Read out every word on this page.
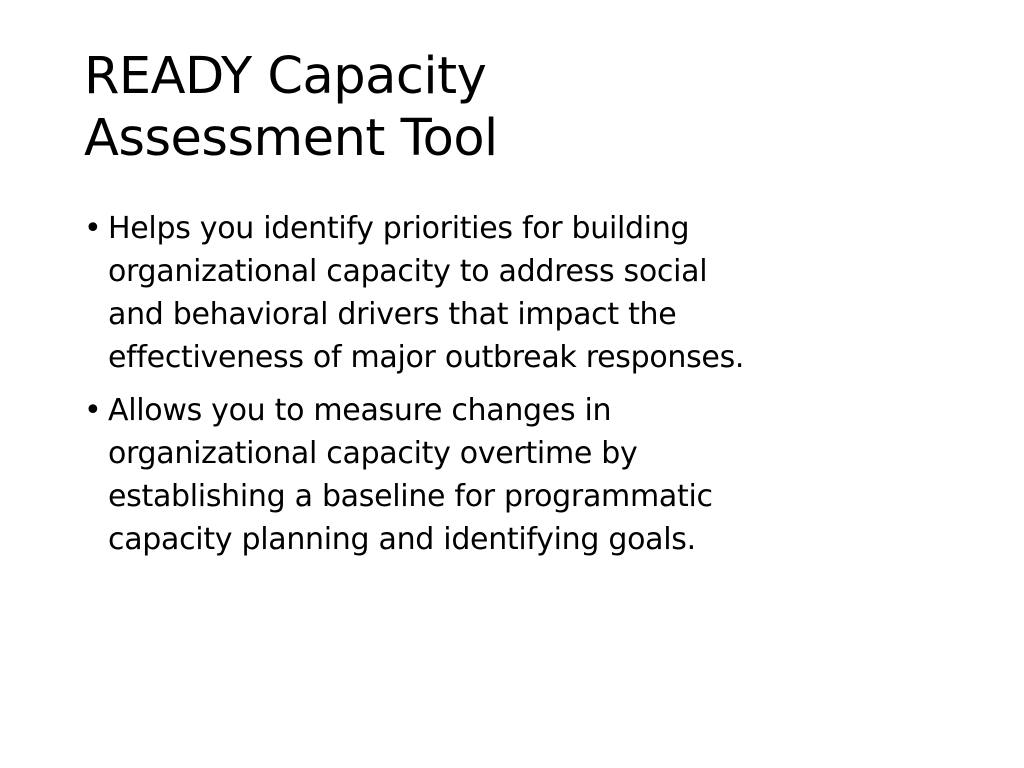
READY Capacity
Assessment Tool
• Helps you identify priorities for building
organizational capacity to address social
and behavioral drivers that impact the
effectiveness of major outbreak responses.
• Allows you to measure changes in
organizational capacity overtime by
establishing a baseline for programmatic
capacity planning and identifying goals.
